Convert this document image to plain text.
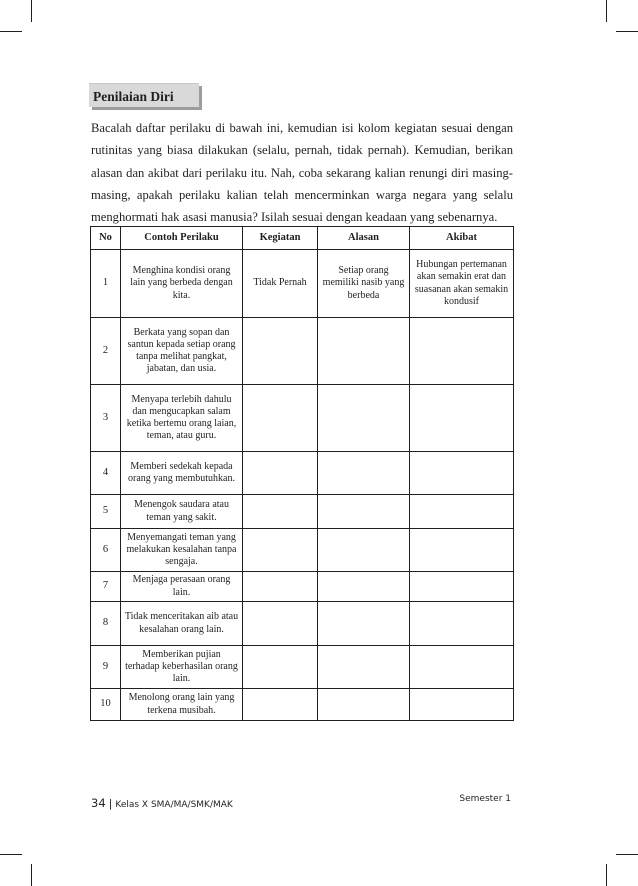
Penilaian Diri
Bacalah daftar perilaku di bawah ini, kemudian isi kolom kegiatan sesuai dengan
rutinitas yang biasa dilakukan (selalu, pernah, tidak pernah). Kemudian, berikan
alasan dan akibat dari perilaku itu. Nah, coba sekarang kalian renungi diri masing-
masing, apakah perilaku kalian telah mencerminkan warga negara yang selalu
menghormati hak asasi manusia? Isilah sesuai dengan keadaan yang sebenarnya.
No	Contoh Perilaku	Kegiatan	Alasan	Akibat
1	Menghina kondisi orang lain yang berbeda dengan kita.	Tidak Pernah	Setiap orang memiliki nasib yang berbeda	Hubungan pertemanan akan semakin erat dan suasanan akan semakin kondusif
2	Berkata yang sopan dan santun kepada setiap orang tanpa melihat pangkat, jabatan, dan usia.			
3	Menyapa terlebih dahulu dan mengucapkan salam ketika bertemu orang laian, teman, atau guru.			
4	Memberi sedekah kepada orang yang membutuhkan.			
5	Menengok saudara atau teman yang sakit.			
6	Menyemangati teman yang melakukan kesalahan tanpa sengaja.			
7	Menjaga perasaan orang lain.			
8	Tidak menceritakan aib atau kesalahan orang lain.			
9	Memberikan pujian terhadap keberhasilan orang lain.			
10	Menolong orang lain yang terkena musibah.			
34 | Kelas X SMA/MA/SMK/MAK
Semester 1
